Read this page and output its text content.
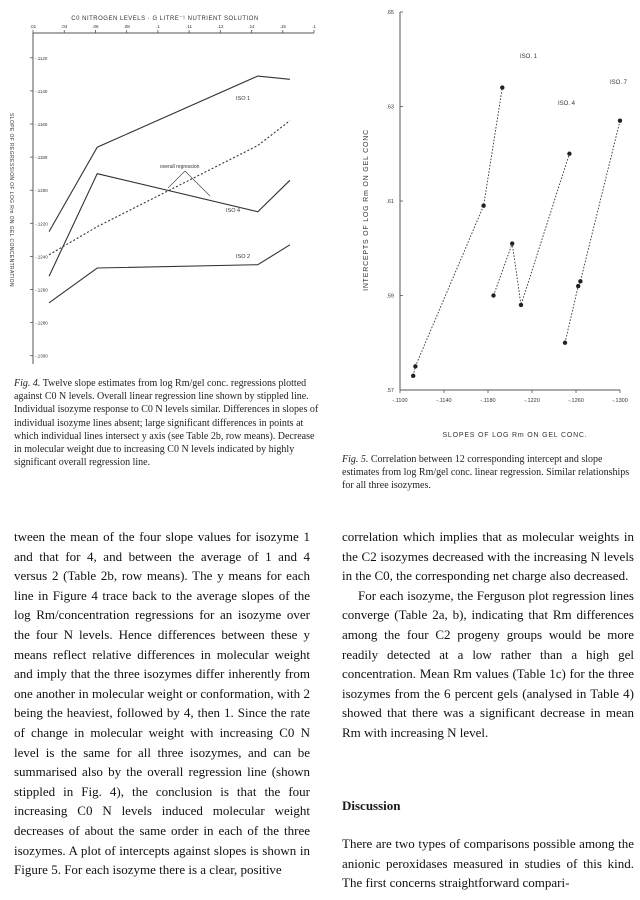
C0 NITROGEN LEVELS · G LITRE⁻¹ NUTRIENT SOLUTION
SLOPE OF REGRESSION OF LOG Rm ON GEL CONCENTRATION
.01	.04	.06	.08	.1	.11	.12	.14	.15	.1
-.1120
-.1140
-.1160
-.1180
-.1200
-.1220
-.1240
-.1260
-.1280
-.1300
ISO 1
ISO 4
ISO 2
overall regression
Fig. 4. Twelve slope estimates from log Rm/gel conc. regressions plotted against C0 N levels. Overall linear regression line shown by stippled line. Individual isozyme response to C0 N levels similar. Differences in slopes of individual isozyme lines absent; large significant differences in points at which individual lines intersect y axis (see Table 2b, row means). Decrease in molecular weight due to increasing C0 N levels indicated by highly significant overall regression line.
INTERCEPTS OF LOG Rm ON GEL CONC
SLOPES OF LOG Rm ON GEL CONC.
-.1100	-.1140	-.1180	-.1220	-.1260	-.1300
.65
.63
.61
.59
.57
ISO. 1
ISO. 4
ISO. 7
Fig. 5. Correlation between 12 corresponding intercept and slope estimates from log Rm/gel conc. linear regression. Similar relationships for all three isozymes.

tween the mean of the four slope values for isozyme 1 and that for 4, and between the average of 1 and 4 versus 2 (Table 2b, row means). The y means for each line in Figure 4 trace back to the average slopes of the log Rm/concentration regressions for an isozyme over the four N levels. Hence differences between these y means reflect relative differences in molecular weight and imply that the three isozymes differ inherently from one another in molecular weight or conformation, with 2 being the heaviest, followed by 4, then 1. Since the rate of change in molecular weight with increasing C0 N level is the same for all three isozymes, and can be summarised also by the overall regression line (shown stippled in Fig. 4), the conclusion is that the four increasing C0 N levels induced molecular weight decreases of about the same order in each of the three isozymes. A plot of intercepts against slopes is shown in Figure 5. For each isozyme there is a clear, positive

correlation which implies that as molecular weights in the C2 isozymes decreased with the increasing N levels in the C0, the corresponding net charge also decreased.

For each isozyme, the Ferguson plot regression lines converge (Table 2a, b), indicating that Rm differences among the four C2 progeny groups would be more readily detected at a low rather than a high gel concentration. Mean Rm values (Table 1c) for the three isozymes from the 6 percent gels (analysed in Table 4) showed that there was a significant decrease in mean Rm with increasing N level.

Discussion

There are two types of comparisons possible among the anionic peroxidases measured in studies of this kind. The first concerns straightforward compari-
